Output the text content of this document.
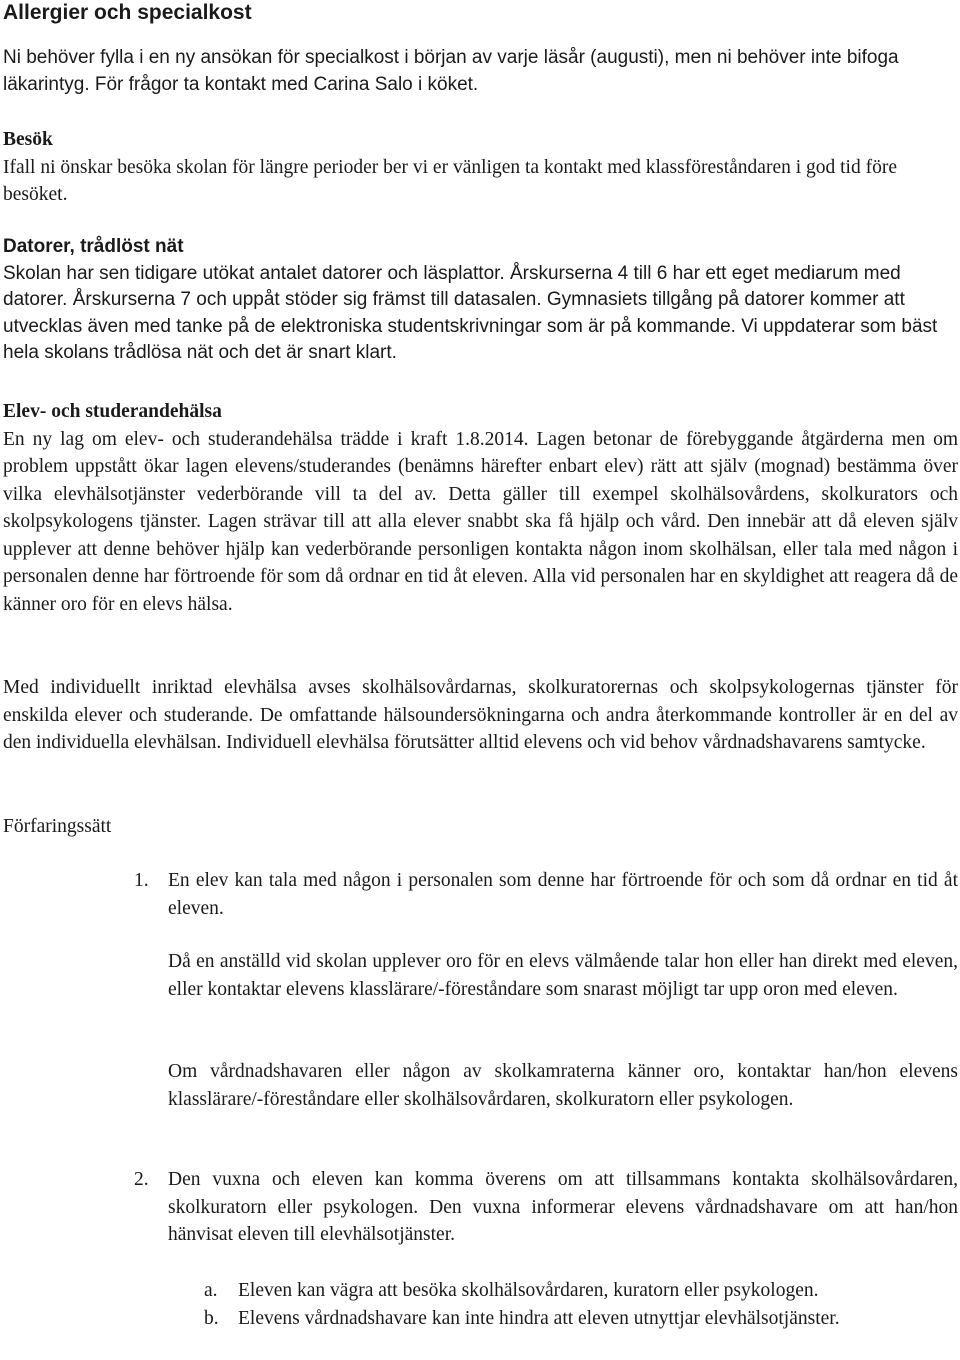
Allergier och specialkost
Ni behöver fylla i en ny ansökan för specialkost i början av varje läsår (augusti), men ni behöver inte bifoga läkarintyg. För frågor ta kontakt med Carina Salo i köket.
Besök
Ifall ni önskar besöka skolan för längre perioder ber vi er vänligen ta kontakt med klassföreståndaren i god tid före besöket.
Datorer, trådlöst nät
Skolan har sen tidigare utökat antalet datorer och läsplattor. Årskurserna 4 till 6 har ett eget mediarum med datorer. Årskurserna 7 och uppåt stöder sig främst till datasalen. Gymnasiets tillgång på datorer kommer att utvecklas även med tanke på de elektroniska studentskrivningar som är på kommande. Vi uppdaterar som bäst hela skolans trådlösa nät och det är snart klart.
Elev- och studerandehälsa
En ny lag om elev- och studerandehälsa trädde i kraft 1.8.2014. Lagen betonar de förebyggande åtgärderna men om problem uppstått ökar lagen elevens/studerandes (benämns härefter enbart elev) rätt att själv (mognad) bestämma över vilka elevhälsotjänster vederbörande vill ta del av. Detta gäller till exempel skolhälsovårdens, skolkurators och skolpsykologens tjänster. Lagen strävar till att alla elever snabbt ska få hjälp och vård. Den innebär att då eleven själv upplever att denne behöver hjälp kan vederbörande personligen kontakta någon inom skolhälsan, eller tala med någon i personalen denne har förtroende för som då ordnar en tid åt eleven. Alla vid personalen har en skyldighet att reagera då de känner oro för en elevs hälsa.
Med individuellt inriktad elevhälsa avses skolhälsovårdarnas, skolkuratorernas och skolpsykologernas tjänster för enskilda elever och studerande. De omfattande hälsoundersökningarna och andra återkommande kontroller är en del av den individuella elevhälsan. Individuell elevhälsa förutsätter alltid elevens och vid behov vårdnadshavarens samtycke.
Förfaringssätt
1. En elev kan tala med någon i personalen som denne har förtroende för och som då ordnar en tid åt eleven.
Då en anställd vid skolan upplever oro för en elevs välmående talar hon eller han direkt med eleven, eller kontaktar elevens klasslärare/-föreståndare som snarast möjligt tar upp oron med eleven.
Om vårdnadshavaren eller någon av skolkamraterna känner oro, kontaktar han/hon elevens klasslärare/-föreståndare eller skolhälsovårdaren, skolkuratorn eller psykologen.
2. Den vuxna och eleven kan komma överens om att tillsammans kontakta skolhälsovårdaren, skolkuratorn eller psykologen. Den vuxna informerar elevens vårdnadshavare om att han/hon hänvisat eleven till elevhälsotjänster.
a. Eleven kan vägra att besöka skolhälsovårdaren, kuratorn eller psykologen.
b. Elevens vårdnadshavare kan inte hindra att eleven utnyttjar elevhälsotjänster.
